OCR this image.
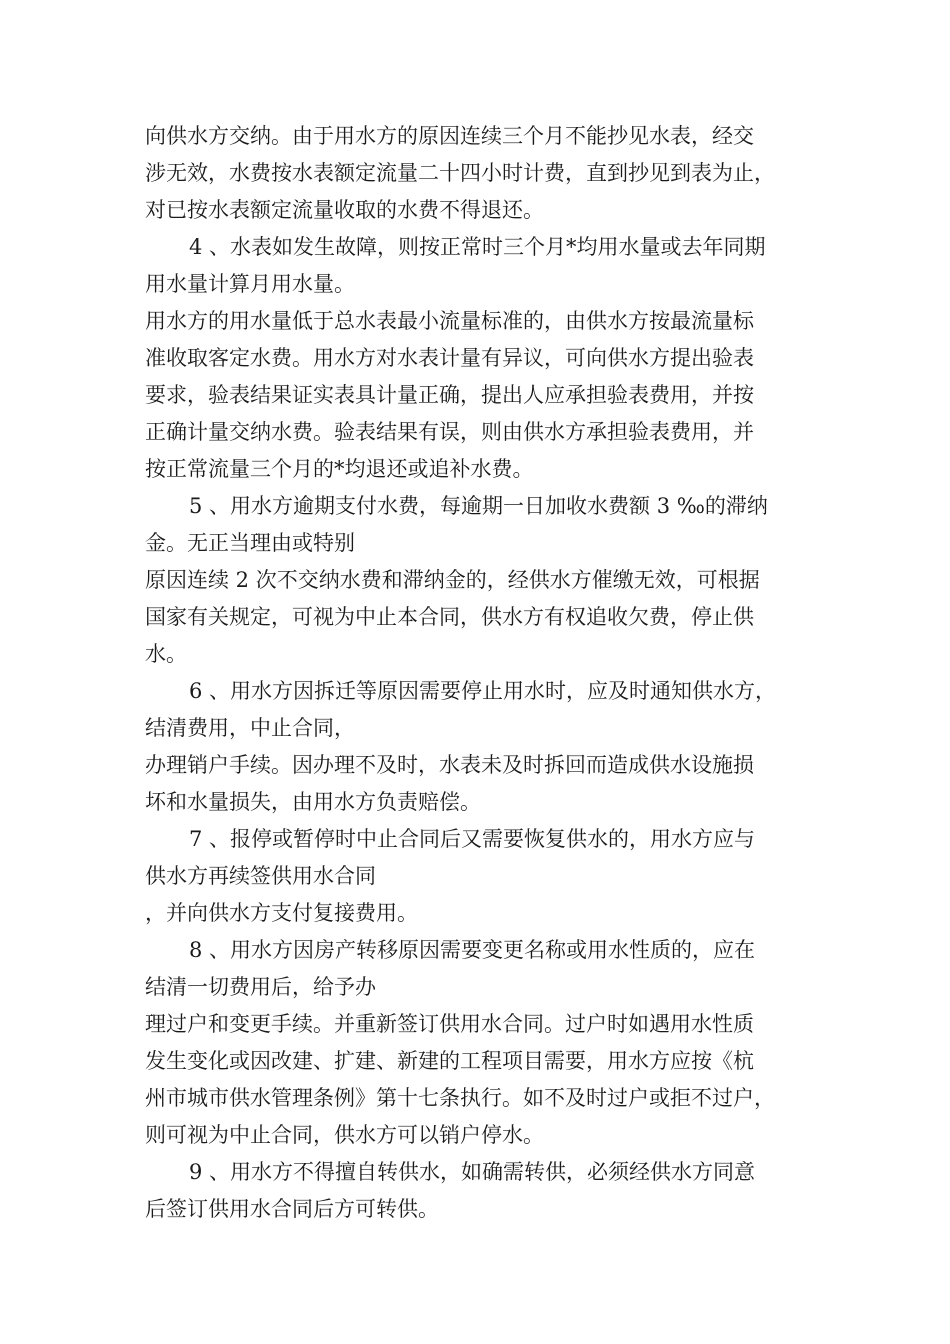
向供水方交纳。由于用水方的原因连续三个月不能抄见水表，经交
涉无效，水费按水表额定流量二十四小时计费，直到抄见到表为止，
对已按水表额定流量收取的水费不得退还。
4 、水表如发生故障，则按正常时三个月*均用水量或去年同期
用水量计算月用水量。
用水方的用水量低于总水表最小流量标准的，由供水方按最流量标
准收取客定水费。用水方对水表计量有异议，可向供水方提出验表
要求，验表结果证实表具计量正确，提出人应承担验表费用，并按
正确计量交纳水费。验表结果有误，则由供水方承担验表费用，并
按正常流量三个月的*均退还或追补水费。
5 、用水方逾期支付水费，每逾期一日加收水费额 3 ‰的滞纳
金。无正当理由或特别
原因连续 2 次不交纳水费和滞纳金的，经供水方催缴无效，可根据
国家有关规定，可视为中止本合同，供水方有权追收欠费，停止供
水。
6 、用水方因拆迁等原因需要停止用水时，应及时通知供水方，
结清费用，中止合同，
办理销户手续。因办理不及时，水表未及时拆回而造成供水设施损
坏和水量损失，由用水方负责赔偿。
7 、报停或暂停时中止合同后又需要恢复供水的，用水方应与
供水方再续签供用水合同
，并向供水方支付复接费用。
8 、用水方因房产转移原因需要变更名称或用水性质的，应在
结清一切费用后，给予办
理过户和变更手续。并重新签订供用水合同。过户时如遇用水性质
发生变化或因改建、扩建、新建的工程项目需要，用水方应按《杭
州市城市供水管理条例》第十七条执行。如不及时过户或拒不过户，
则可视为中止合同，供水方可以销户停水。
9 、用水方不得擅自转供水，如确需转供，必须经供水方同意
后签订供用水合同后方可转供。
